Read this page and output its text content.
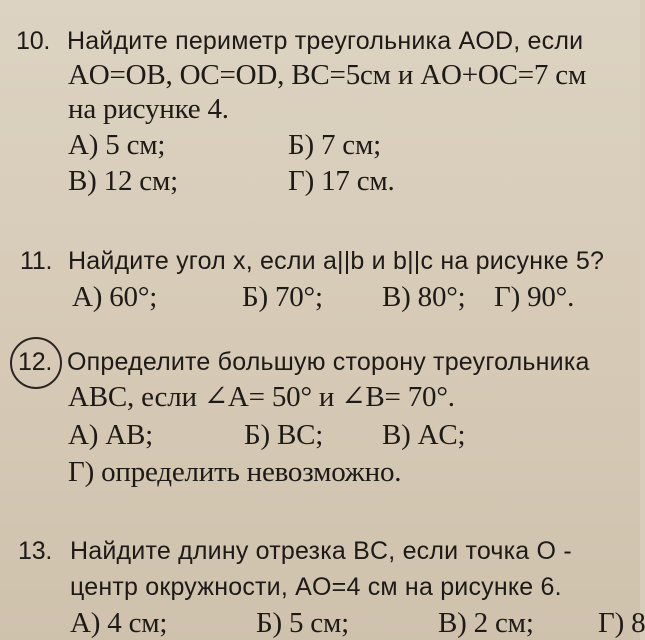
10. Найдите периметр треугольника AOD, если
AO=OB, OC=OD, BC=5см и AO+OC=7 см
на рисунке 4.
А) 5 см;	Б) 7 см;
В) 12 см;	Г) 17 см.
11. Найдите угол x, если a||b и b||c на рисунке 5?
А) 60°;	Б) 70°; В) 80°; Г) 90°.
12. Определите большую сторону треугольника
ABC, если ∠A= 50° и ∠B= 70°.
А) AB;	Б) BC; В) AC;
Г) определить невозможно.
13. Найдите длину отрезка BC, если точка O -
центр окружности, AO=4 см на рисунке 6.
А) 4 см;	Б) 5 см;	В) 2 см; Г) 8
